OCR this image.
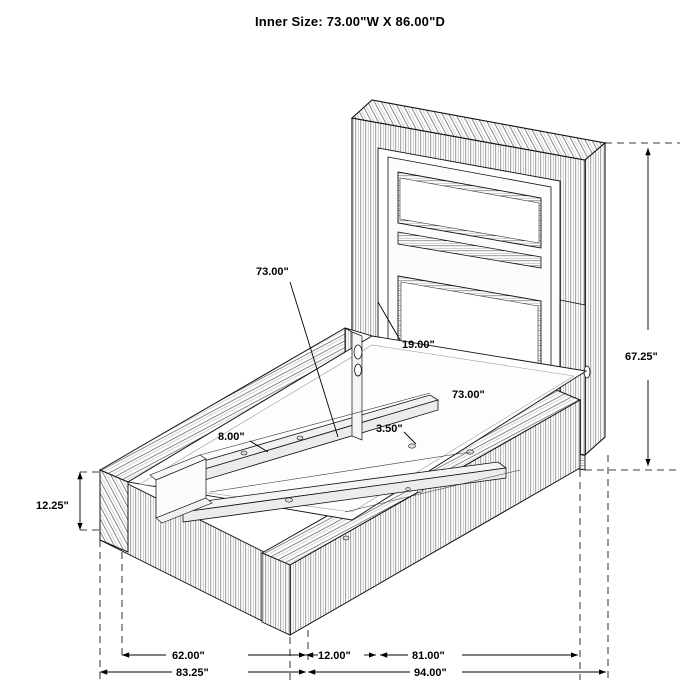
Inner Size: 73.00"W X 86.00"D
67.25"
73.00"
19.00"
73.00"
3.50"
8.00"
12.25"
62.00"
83.25"
12.00"	81.00"
94.00"
